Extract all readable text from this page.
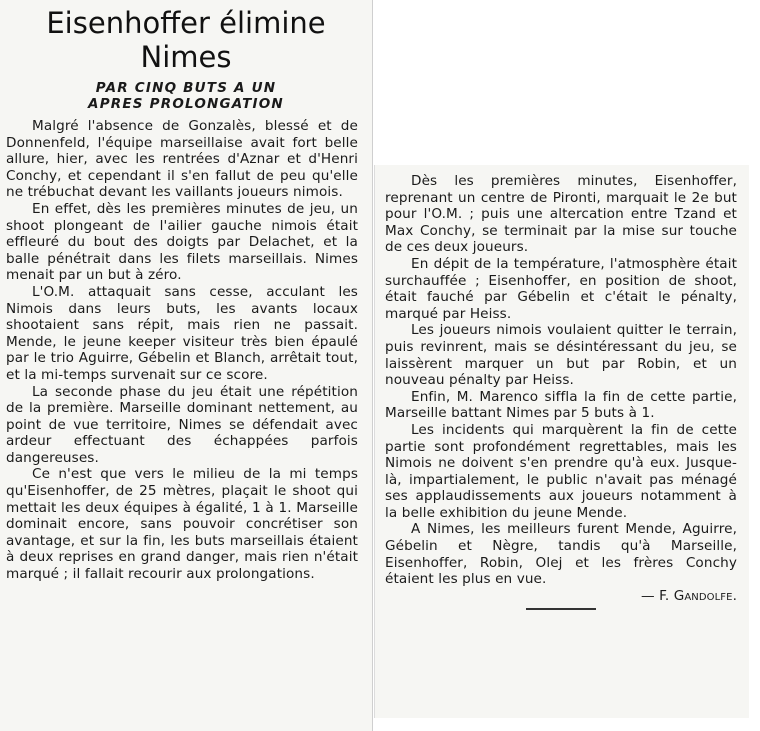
Eisenhoffer élimine
Nimes

PAR CINQ BUTS A UN

APRES PROLONGATION

Malgré l'absence de Gonzalès, blessé et de Donnenfeld, l'équipe marseillaise avait fort belle allure, hier, avec les rentrées d'Aznar et d'Henri Conchy, et cependant il s'en fallut de peu qu'elle ne trébuchat devant les vaillants joueurs nimois.

En effet, dès les premières minutes de jeu, un shoot plongeant de l'ailier gauche nimois était effleuré du bout des doigts par Delachet, et la balle pénétrait dans les filets marseillais. Nimes menait par un but à zéro.

L'O.M. attaquait sans cesse, acculant les Nimois dans leurs buts, les avants locaux shootaient sans répit, mais rien ne passait. Mende, le jeune keeper visiteur très bien épaulé par le trio Aguirre, Gébelin et Blanch, arrêtait tout, et la mi-temps survenait sur ce score.

La seconde phase du jeu était une répétition de la première. Marseille dominant nettement, au point de vue territoire, Nimes se défendait avec ardeur effectuant des échappées parfois dangereuses.

Ce n'est que vers le milieu de la mi temps qu'Eisenhoffer, de 25 mètres, plaçait le shoot qui mettait les deux équipes à égalité, 1 à 1. Marseille dominait encore, sans pouvoir concrétiser son avantage, et sur la fin, les buts marseillais étaient à deux reprises en grand danger, mais rien n'était marqué ; il fallait recourir aux prolongations.

Dès les premières minutes, Eisenhoffer, reprenant un centre de Pironti, marquait le 2e but pour l'O.M. ; puis une altercation entre Tzand et Max Conchy, se terminait par la mise sur touche de ces deux joueurs.

En dépit de la température, l'atmosphère était surchauffée ; Eisenhoffer, en position de shoot, était fauché par Gébelin et c'était le pénalty, marqué par Heiss.

Les joueurs nimois voulaient quitter le terrain, puis revinrent, mais se désintéressant du jeu, se laissèrent marquer un but par Robin, et un nouveau pénalty par Heiss.

Enfin, M. Marenco siffla la fin de cette partie, Marseille battant Nimes par 5 buts à 1.

Les incidents qui marquèrent la fin de cette partie sont profondément regrettables, mais les Nimois ne doivent s'en prendre qu'à eux. Jusque-là, impartialement, le public n'avait pas ménagé ses applaudissements aux joueurs notamment à la belle exhibition du jeune Mende.

A Nimes, les meilleurs furent Mende, Aguirre, Gébelin et Nègre, tandis qu'à Marseille, Eisenhoffer, Robin, Olej et les frères Conchy étaient les plus en vue.

— F. Gandolfe.
